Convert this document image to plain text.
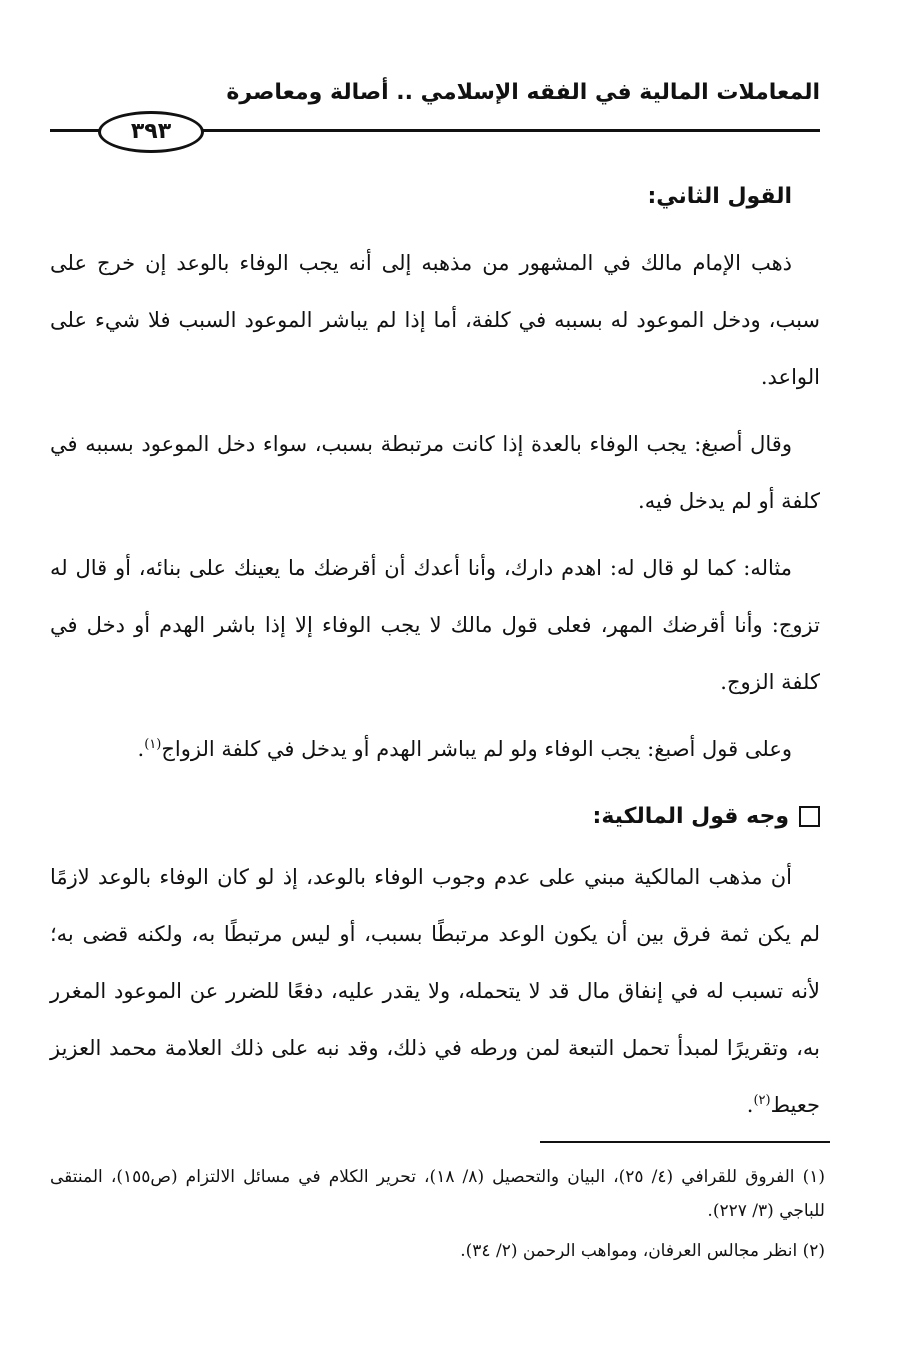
المعاملات المالية في الفقه الإسلامي .. أصالة ومعاصرة
٣٩٣

القول الثاني:

ذهب الإمام مالك في المشهور من مذهبه إلى أنه يجب الوفاء بالوعد إن خرج على سبب، ودخل الموعود له بسببه في كلفة، أما إذا لم يباشر الموعود السبب فلا شيء على الواعد.

وقال أصبغ: يجب الوفاء بالعدة إذا كانت مرتبطة بسبب، سواء دخل الموعود بسببه في كلفة أو لم يدخل فيه.

مثاله: كما لو قال له: اهدم دارك، وأنا أعدك أن أقرضك ما يعينك على بنائه، أو قال له تزوج: وأنا أقرضك المهر، فعلى قول مالك لا يجب الوفاء إلا إذا باشر الهدم أو دخل في كلفة الزوج.

وعلى قول أصبغ: يجب الوفاء ولو لم يباشر الهدم أو يدخل في كلفة الزواج$^{(١)}$.

وجه قول المالكية:

أن مذهب المالكية مبني على عدم وجوب الوفاء بالوعد، إذ لو كان الوفاء بالوعد لازمًا لم يكن ثمة فرق بين أن يكون الوعد مرتبطًا بسبب، أو ليس مرتبطًا به، ولكنه قضى به؛ لأنه تسبب له في إنفاق مال قد لا يتحمله، ولا يقدر عليه، دفعًا للضرر عن الموعود المغرر به، وتقريرًا لمبدأ تحمل التبعة لمن ورطه في ذلك، وقد نبه على ذلك العلامة محمد العزيز جعيط$^{(٢)}$.

(١) الفروق للقرافي (٤/ ٢٥)، البيان والتحصيل (٨/ ١٨)، تحرير الكلام في مسائل الالتزام (ص١٥٥)، المنتقى للباجي (٣/ ٢٢٧).

(٢) انظر مجالس العرفان، ومواهب الرحمن (٢/ ٣٤).
